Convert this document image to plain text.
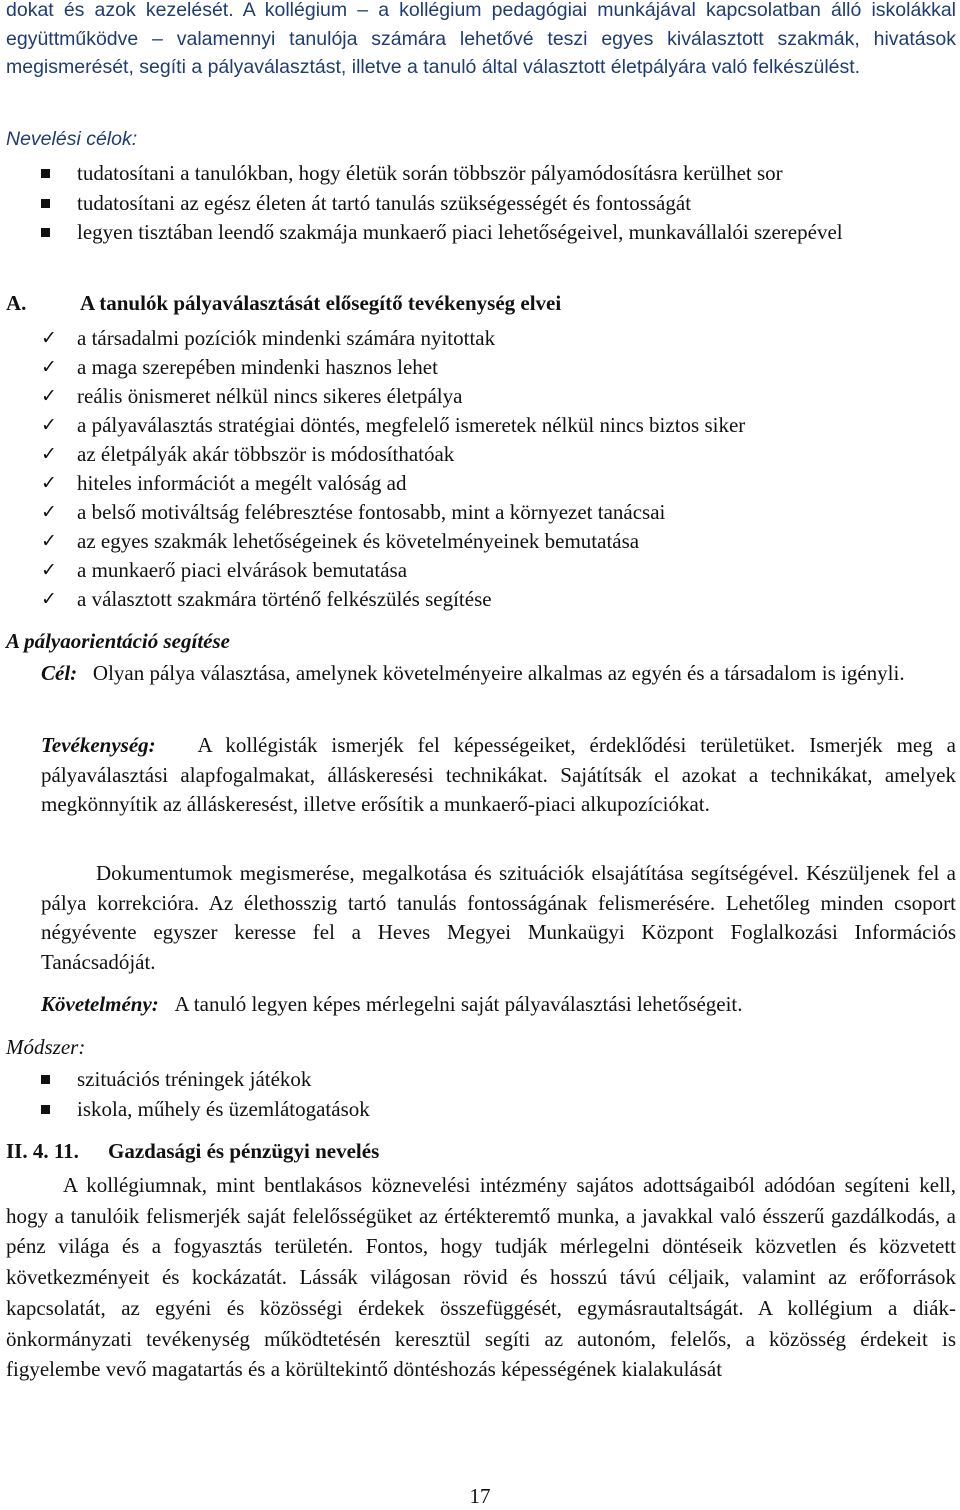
dokat és azok kezelését. A kollégium – a kollégium pedagógiai munkájával kapcsolatban álló iskolákkal együttműködve – valamennyi tanulója számára lehetővé teszi egyes kiválasztott szakmák, hivatások megismerését, segíti a pályaválasztást, illetve a tanuló által választott életpályára való felkészülést.

Nevelési célok:

tudatosítani a tanulókban, hogy életük során többször pályamódosításra kerülhet sor
tudatosítani az egész életen át tartó tanulás szükségességét és fontosságát
legyen tisztában leendő szakmája munkaerő piaci lehetőségeivel, munkavállalói szerepével

A.	A tanulók pályaválasztását elősegítő tevékenység elvei

✓ a társadalmi pozíciók mindenki számára nyitottak
✓ a maga szerepében mindenki hasznos lehet
✓ reális önismeret nélkül nincs sikeres életpálya
✓ a pályaválasztás stratégiai döntés, megfelelő ismeretek nélkül nincs biztos siker
✓ az életpályák akár többször is módosíthatóak
✓ hiteles információt a megélt valóság ad
✓ a belső motiváltság felébresztése fontosabb, mint a környezet tanácsai
✓ az egyes szakmák lehetőségeinek és követelményeinek bemutatása
✓ a munkaerő piaci elvárások bemutatása
✓ a választott szakmára történő felkészülés segítése

A pályaorientáció segítése

Cél: Olyan pálya választása, amelynek követelményeire alkalmas az egyén és a társadalom is igényli.

Tevékenység: A kollégisták ismerjék fel képességeiket, érdeklődési területüket. Ismerjék meg a pályaválasztási alapfogalmakat, álláskeresési technikákat. Sajátítsák el azokat a technikákat, amelyek megkönnyítik az álláskeresést, illetve erősítik a munkaerő-piaci alkupozíciókat.

Dokumentumok megismerése, megalkotása és szituációk elsajátítása segítségével. Készüljenek fel a pálya korrekcióra. Az élethosszig tartó tanulás fontosságának felismerésére. Lehetőleg minden csoport négyévente egyszer keresse fel a Heves Megyei Munkaügyi Központ Foglalkozási Információs Tanácsadóját.

Követelmény: A tanuló legyen képes mérlegelni saját pályaválasztási lehetőségeit.

Módszer:

szituációs tréningek játékok
iskola, műhely és üzemlátogatások

II. 4. 11. Gazdasági és pénzügyi nevelés

A kollégiumnak, mint bentlakásos köznevelési intézmény sajátos adottságaiból adódóan segíteni kell, hogy a tanulóik felismerjék saját felelősségüket az értékteremtő munka, a javakkal való ésszerű gazdálkodás, a pénz világa és a fogyasztás területén. Fontos, hogy tudják mérlegelni döntéseik közvetlen és közvetett következményeit és kockázatát. Lássák világosan rövid és hosszú távú céljaik, valamint az erőforrások kapcsolatát, az egyéni és közösségi érdekek összefüggését, egymásrautaltságát. A kollégium a diák-önkormányzati tevékenység működtetésén keresztül segíti az autonóm, felelős, a közösség érdekeit is figyelembe vevő magatartás és a körültekintő döntéshozás képességének kialakulását

17
